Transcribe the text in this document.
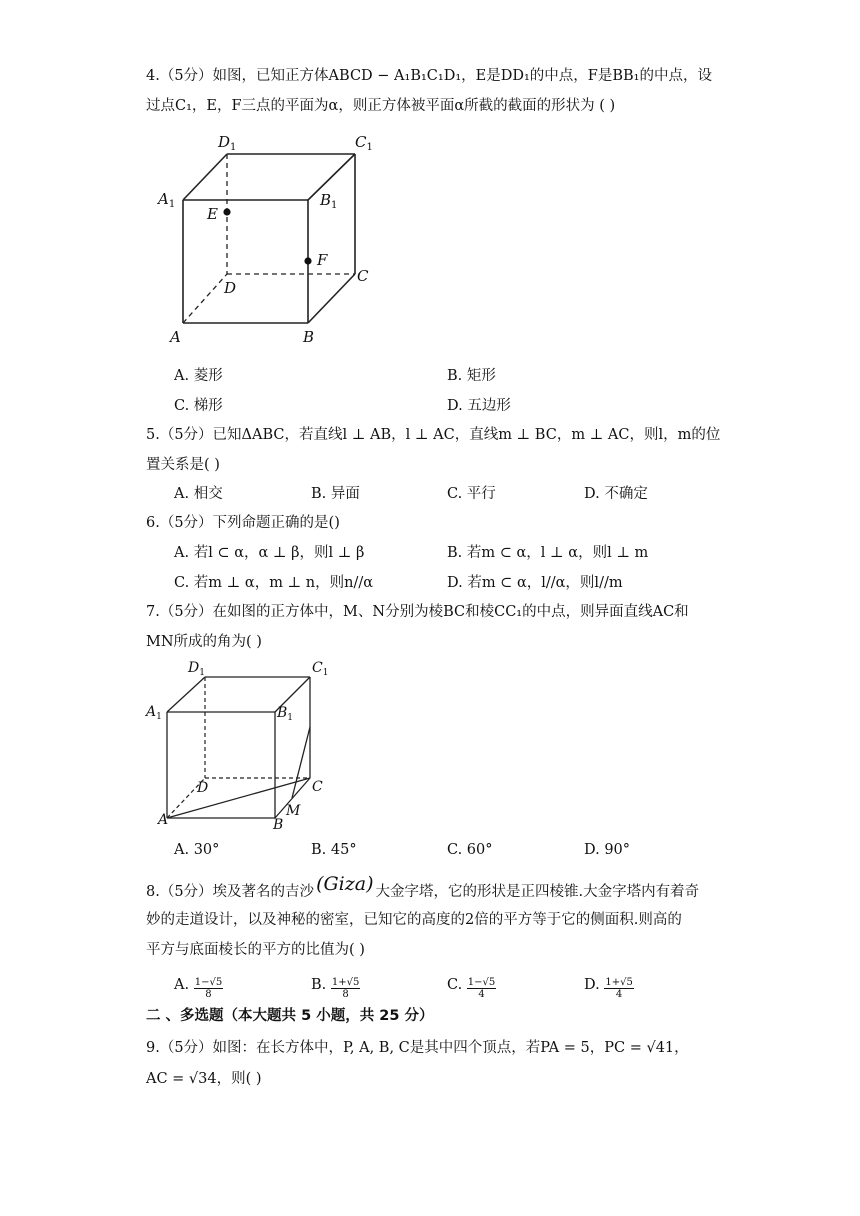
4.（5分）如图，已知正方体ABCD − A₁B₁C₁D₁，E是DD₁的中点，F是BB₁的中点，设
过点C₁，E，F三点的平面为α，则正方体被平面α所截的截面的形状为 ( )
$D_1$	$C_1$
$A_1$	$B_1$
E
F
D
C
A	B
A. 菱形	B. 矩形
C. 梯形	D. 五边形
5.（5分）已知ΔABC，若直线l ⊥ AB，l ⊥ AC，直线m ⊥ BC，m ⊥ AC，则l，m的位
置关系是( )
A. 相交	B. 异面	C. 平行	D. 不确定
6.（5分）下列命题正确的是()
A. 若l ⊂ α，α ⊥ β，则l ⊥ β	B. 若m ⊂ α，l ⊥ α，则l ⊥ m
C. 若m ⊥ α，m ⊥ n，则n//α	D. 若m ⊂ α，l//α，则l//m
7.（5分）在如图的正方体中，M、N分别为棱BC和棱CC₁的中点，则异面直线AC和
MN所成的角为( )
$D_1$	$C_1$
$A_1$	$B_1$
D	C
A	B
M
A. 30°	B. 45°	C. 60°	D. 90°
8.（5分）埃及著名的吉沙 (Giza) 大金字塔，它的形状是正四棱锥.大金字塔内有着奇
妙的走道设计，以及神秘的密室，已知它的高度的2倍的平方等于它的侧面积.则高的
平方与底面棱长的平方的比值为( )
A. $\frac{1-√5}{8}$	B. $\frac{1+√5}{8}$	C. $\frac{1-√5}{4}$	D. $\frac{1+√5}{4}$
二 、多选题（本大题共 5 小题，共 25 分）
9.（5分）如图：在长方体中，P, A, B, C是其中四个顶点，若PA = 5，PC = √41，
AC = √34，则( )
